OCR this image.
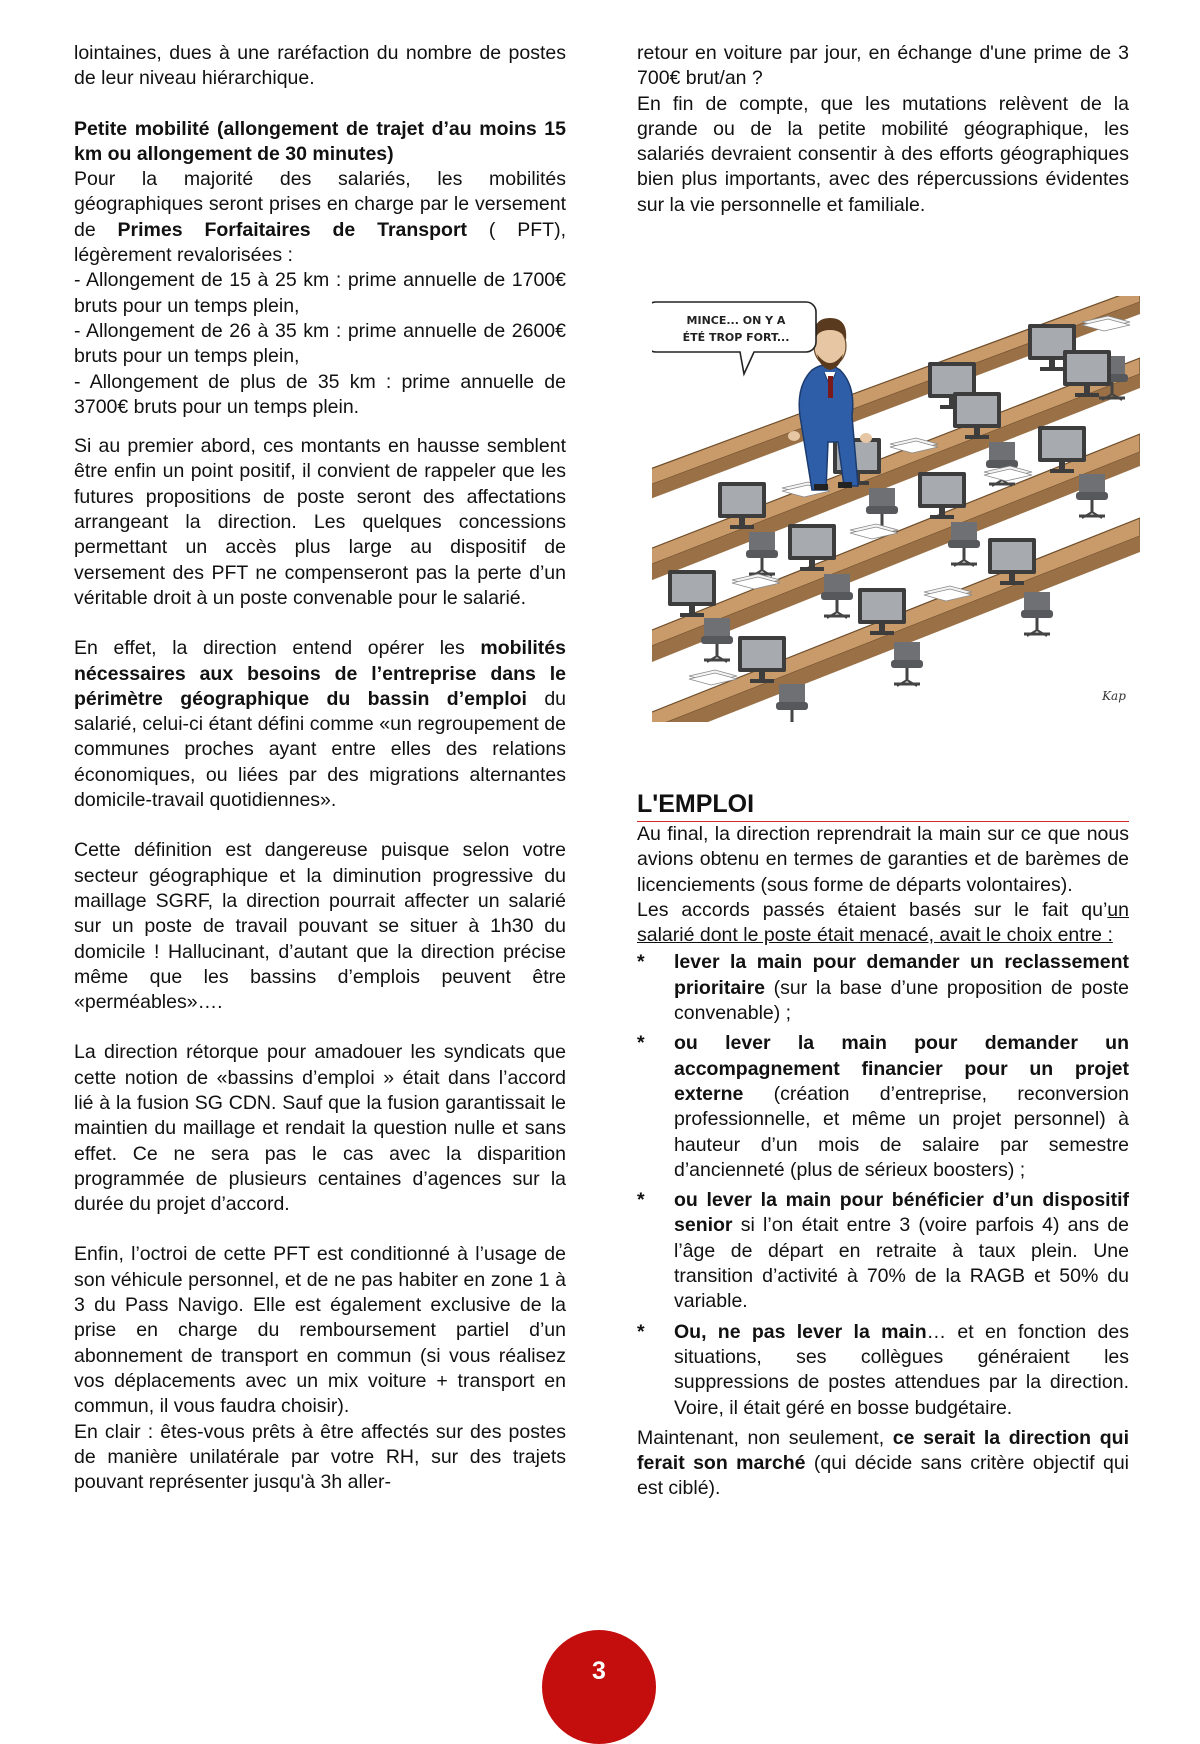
lointaines, dues à une raréfaction du nombre de postes de leur niveau hiérarchique.

Petite mobilité (allongement de trajet d’au moins 15 km ou allongement de 30 minutes)

Pour la majorité des salariés, les mobilités géographiques seront prises en charge par le versement de Primes Forfaitaires de Transport ( PFT), légèrement revalorisées :

- Allongement de 15 à 25 km : prime annuelle de 1700€ bruts pour un temps plein,

- Allongement de 26 à 35 km : prime annuelle de 2600€ bruts pour un temps plein,

- Allongement de plus de 35 km : prime annuelle de 3700€ bruts pour un temps plein.

Si au premier abord, ces montants en hausse semblent être enfin un point positif, il convient de rappeler que les futures propositions de poste seront des affectations arrangeant la direction. Les quelques concessions permettant un accès plus large au dispositif de versement des PFT ne compenseront pas la perte d’un véritable droit à un poste convenable pour le salarié.

En effet, la direction entend opérer les mobilités nécessaires aux besoins de l’entreprise dans le périmètre géographique du bassin d’emploi du salarié, celui-ci étant défini comme «un regroupement de communes proches ayant entre elles des relations économiques, ou liées par des migrations alternantes domicile-travail quotidiennes».

Cette définition est dangereuse puisque selon votre secteur géographique et la diminution progressive du maillage SGRF, la direction pourrait affecter un salarié sur un poste de travail pouvant se situer à 1h30 du domicile ! Hallucinant, d’autant que la direction précise même que les bassins d’emplois peuvent être «perméables»….

La direction rétorque pour amadouer les syndicats que cette notion de «bassins d’emploi » était dans l’accord lié à la fusion SG CDN. Sauf que la fusion garantissait le maintien du maillage et rendait la question nulle et sans effet. Ce ne sera pas le cas avec la disparition programmée de plusieurs centaines d’agences sur la durée du projet d’accord.

Enfin, l’octroi de cette PFT est conditionné à l’usage de son véhicule personnel, et de ne pas habiter en zone 1 à 3 du Pass Navigo. Elle est également exclusive de la prise en charge du remboursement partiel d’un abonnement de transport en commun (si vous réalisez vos déplacements avec un mix voiture + transport en commun, il vous faudra choisir).

En clair : êtes-vous prêts à être affectés sur des postes de manière unilatérale par votre RH, sur des trajets pouvant représenter jusqu'à 3h aller-

retour en voiture par jour, en échange d'une prime de 3 700€ brut/an ?

En fin de compte, que les mutations relèvent de la grande ou de la petite mobilité géographique, les salariés devraient consentir à des efforts géographiques bien plus importants, avec des répercussions évidentes sur la vie personnelle et familiale.

MINCE... ON Y A
ÉTÉ TROP FORT...
Kap
L'EMPLOI

Au final, la direction reprendrait la main sur ce que nous avions obtenu en termes de garanties et de barèmes de licenciements (sous forme de départs volontaires).

Les accords passés étaient basés sur le fait qu’un salarié dont le poste était menacé, avait le choix entre :

* lever la main pour demander un reclassement prioritaire (sur la base d’une proposition de poste convenable) ;
* ou lever la main pour demander un accompagnement financier pour un projet externe (création d’entreprise, reconversion professionnelle, et même un projet personnel) à hauteur d’un mois de salaire par semestre d’ancienneté (plus de sérieux boosters) ;
* ou lever la main pour bénéficier d’un dispositif senior si l’on était entre 3 (voire parfois 4) ans de l’âge de départ en retraite à taux plein. Une transition d’activité à 70% de la RAGB et 50% du variable.
* Ou, ne pas lever la main… et en fonction des situations, ses collègues généraient les suppressions de postes attendues par la direction. Voire, il était géré en bosse budgétaire.

Maintenant, non seulement, ce serait la direction qui ferait son marché (qui décide sans critère objectif qui est ciblé).

3
